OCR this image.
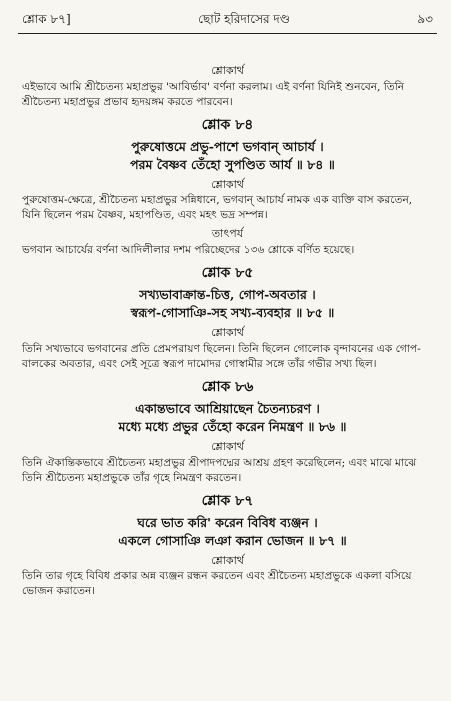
শ্লোক ৮৭]	ছোট হরিদাসের দণ্ড	৯৩
শ্লোকার্থ

এইভাবে আমি শ্রীচৈতন্য মহাপ্রভুর 'আবির্ভাব' বর্ণনা করলাম। এই বর্ণনা যিনিই শুনবেন, তিনি শ্রীচৈতন্য মহাপ্রভুর প্রভাব হৃদয়ঙ্গম করতে পারবেন।

শ্লোক ৮৪
পুরুষোত্তমে প্রভু-পাশে ভগবান্ আচার্য ।
পরম বৈষ্ণব তেঁহো সুপণ্ডিত আর্য ॥ ৮৪ ॥
শ্লোকার্থ

পুরুষোত্তম-ক্ষেত্রে, শ্রীচৈতন্য মহাপ্রভুর সন্নিধানে, ভগবান্ আচার্য নামক এক ব্যক্তি বাস করতেন, যিনি ছিলেন পরম বৈষ্ণব, মহাপণ্ডিত, এবং মহৎ ভদ্র সম্পন্ন।

তাৎপর্য

ভগবান আচার্যের বর্ণনা আদিলীলার দশম পরিচ্ছেদের ১৩৬ শ্লোকে বর্ণিত হয়েছে।

শ্লোক ৮৫
সখ্যভাবাক্রান্ত-চিত্ত, গোপ-অবতার ।
স্বরূপ-গোসাঞি-সহ সখ্য-ব্যবহার ॥ ৮৫ ॥
শ্লোকার্থ

তিনি সখ্যভাবে ভগবানের প্রতি প্রেমপরায়ণ ছিলেন। তিনি ছিলেন গোলোক বৃন্দাবনের এক গোপ-বালকের অবতার, এবং সেই সূত্রে স্বরূপ দামোদর গোস্বামীর সঙ্গে তাঁর গভীর সখ্য ছিল।

শ্লোক ৮৬
একান্তভাবে আশ্রিয়াছেন চৈতন্যচরণ ।
মধ্যে মধ্যে প্রভুর তেঁহো করেন নিমন্ত্রণ ॥ ৮৬ ॥
শ্লোকার্থ

তিনি ঐকান্তিকভাবে শ্রীচৈতন্য মহাপ্রভুর শ্রীপাদপদ্মের আশ্রয় গ্রহণ করেছিলেন; এবং মাঝে মাঝে তিনি শ্রীচৈতন্য মহাপ্রভুকে তাঁর গৃহে নিমন্ত্রণ করতেন।

শ্লোক ৮৭
ঘরে ভাত করি' করেন বিবিধ ব্যঞ্জন ।
একলে গোসাঞি লঞা করান ভোজন ॥ ৮৭ ॥
শ্লোকার্থ

তিনি তার গৃহে বিবিধ প্রকার অন্ন ব্যঞ্জন রন্ধন করতেন এবং শ্রীচৈতন্য মহাপ্রভুকে একলা বসিয়ে ভোজন করাতেন।
